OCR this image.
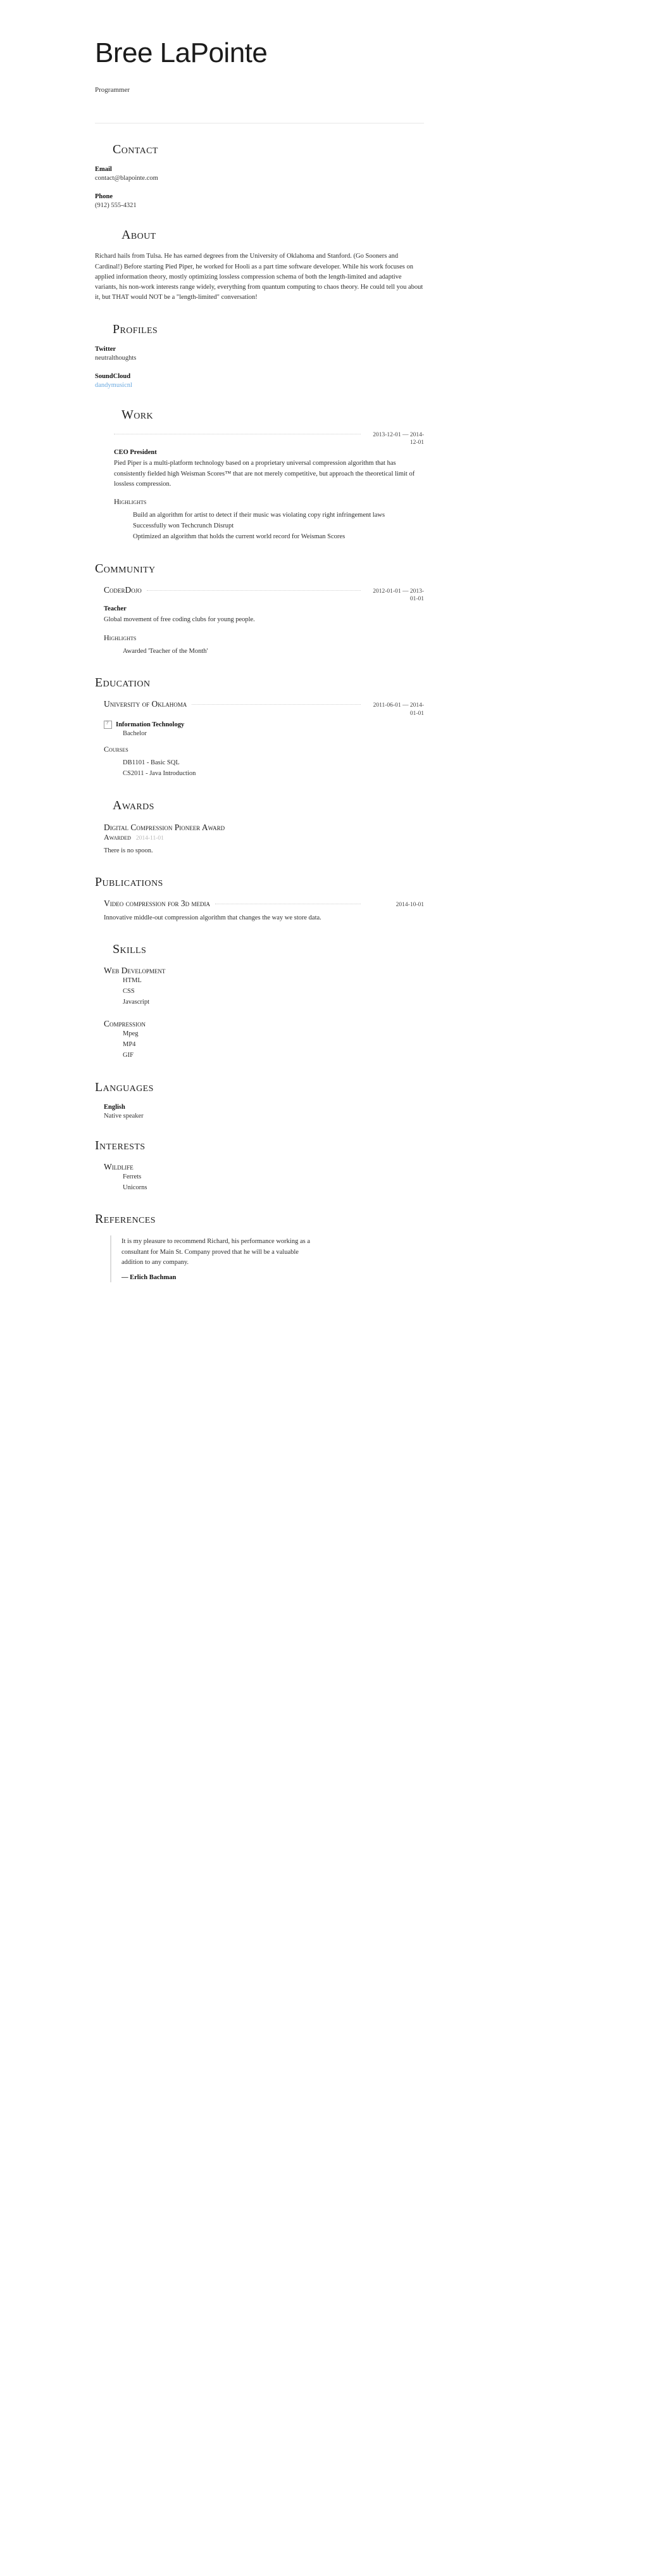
Bree LaPointe
Programmer
Contact
Email
contact@blapointe.com
Phone
(912) 555-4321
About

Richard hails from Tulsa. He has earned degrees from the University of Oklahoma and Stanford. (Go Sooners and Cardinal!) Before starting Pied Piper, he worked for Hooli as a part time software developer. While his work focuses on applied information theory, mostly optimizing lossless compression schema of both the length-limited and adaptive variants, his non-work interests range widely, everything from quantum computing to chaos theory. He could tell you about it, but THAT would NOT be a "length-limited" conversation!

Profiles
Twitter
neutralthoughts
SoundCloud
dandymusicnl
Work
2013-12-01 — 2014-12-01
CEO President

Pied Piper is a multi-platform technology based on a proprietary universal compression algorithm that has consistently fielded high Weisman Scores™ that are not merely competitive, but approach the theoretical limit of lossless compression.

Highlights
Build an algorithm for artist to detect if their music was violating copy right infringement laws
Successfully won Techcrunch Disrupt
Optimized an algorithm that holds the current world record for Weisman Scores
Community
CoderDojo	2012-01-01 — 2013-01-01
Teacher

Global movement of free coding clubs for young people.

Highlights
Awarded 'Teacher of the Month'
Education
University of Oklahoma	2011-06-01 — 2014-01-01
?
Information Technology
Bachelor
Courses
DB1101 - Basic SQL
CS2011 - Java Introduction
Awards
Digital Compression Pioneer Award
Awarded 2014-11-01

There is no spoon.

Publications
Video compression for 3d media	2014-10-01

Innovative middle-out compression algorithm that changes the way we store data.

Skills
Web Development
HTML
CSS
Javascript
Compression
Mpeg
MP4
GIF
Languages
English
Native speaker
Interests
Wildlife
Ferrets
Unicorns
References

It is my pleasure to recommend Richard, his performance working as a consultant for Main St. Company proved that he will be a valuable addition to any company.

— Erlich Bachman
